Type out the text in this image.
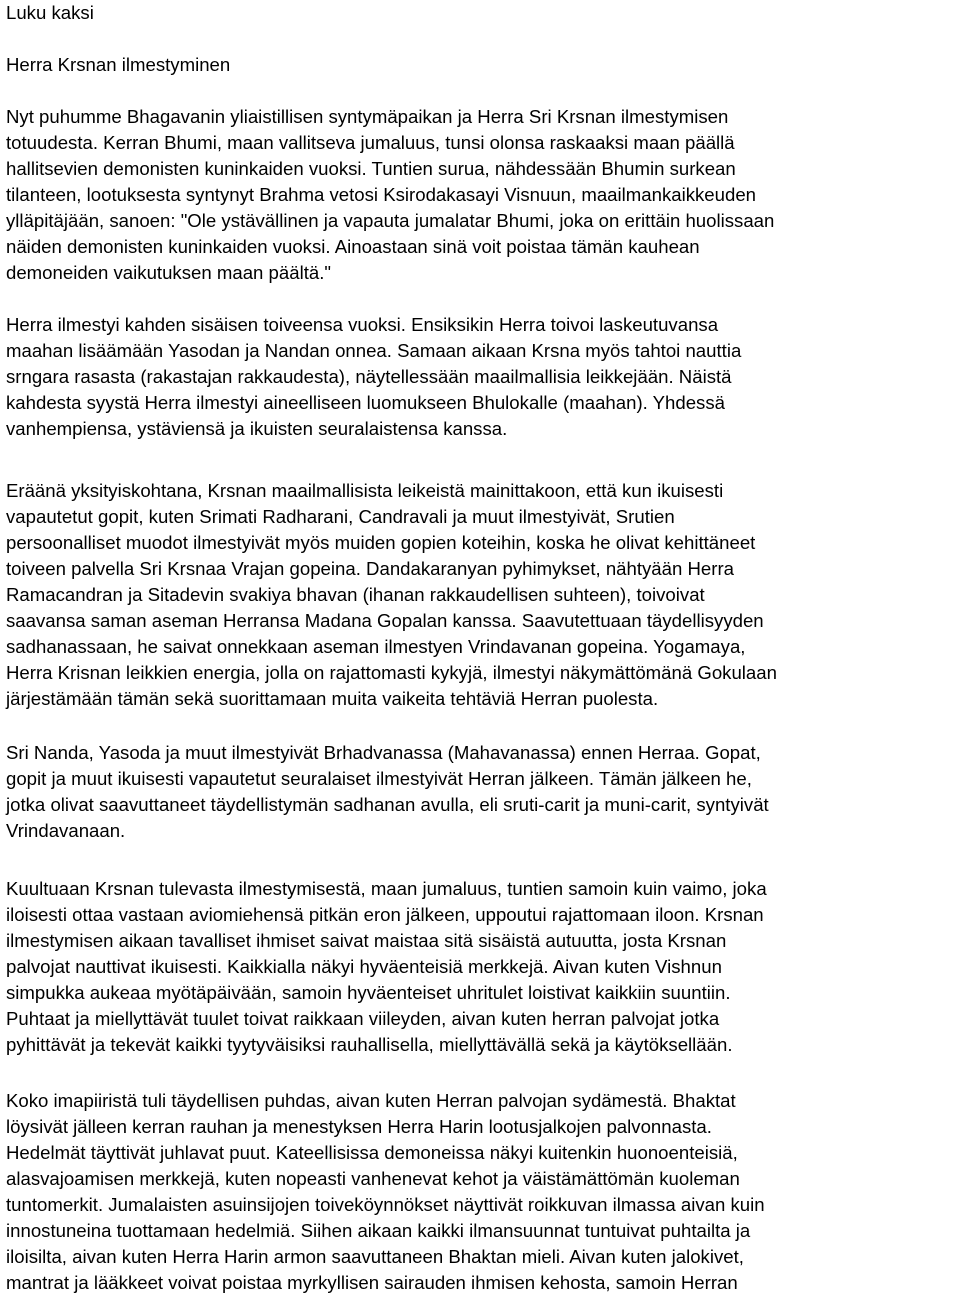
Luku kaksi
Herra Krsnan ilmestyminen
Nyt puhumme Bhagavanin yliaistillisen syntymäpaikan ja Herra Sri Krsnan ilmestymisen
totuudesta. Kerran Bhumi, maan vallitseva jumaluus, tunsi olonsa raskaaksi maan päällä
hallitsevien demonisten kuninkaiden vuoksi. Tuntien surua, nähdessään Bhumin surkean
tilanteen, lootuksesta syntynyt Brahma vetosi Ksirodakasayi Visnuun, maailmankaikkeuden
ylläpitäjään, sanoen: "Ole ystävällinen ja vapauta jumalatar Bhumi, joka on erittäin huolissaan
näiden demonisten kuninkaiden vuoksi. Ainoastaan sinä voit poistaa tämän kauhean
demoneiden vaikutuksen maan päältä."
Herra ilmestyi kahden sisäisen toiveensa vuoksi. Ensiksikin Herra toivoi laskeutuvansa
maahan lisäämään Yasodan ja Nandan onnea. Samaan aikaan Krsna myös tahtoi nauttia
srngara rasasta (rakastajan rakkaudesta), näytellessään maailmallisia leikkejään. Näistä
kahdesta syystä Herra ilmestyi aineelliseen luomukseen Bhulokalle (maahan). Yhdessä
vanhempiensa, ystäviensä ja ikuisten seuralaistensa kanssa.
Eräänä yksityiskohtana, Krsnan maailmallisista leikeistä mainittakoon, että kun ikuisesti
vapautetut gopit, kuten Srimati Radharani, Candravali ja muut ilmestyivät, Srutien
persoonalliset muodot ilmestyivät myös muiden gopien koteihin, koska he olivat kehittäneet
toiveen palvella Sri Krsnaa Vrajan gopeina. Dandakaranyan pyhimykset, nähtyään Herra
Ramacandran ja Sitadevin svakiya bhavan (ihanan rakkaudellisen suhteen), toivoivat
saavansa saman aseman Herransa Madana Gopalan kanssa. Saavutettuaan täydellisyyden
sadhanassaan, he saivat onnekkaan aseman ilmestyen Vrindavanan gopeina. Yogamaya,
Herra Krisnan leikkien energia, jolla on rajattomasti kykyjä, ilmestyi näkymättömänä Gokulaan
järjestämään tämän sekä suorittamaan muita vaikeita tehtäviä Herran puolesta.
Sri Nanda, Yasoda ja muut ilmestyivät Brhadvanassa (Mahavanassa) ennen Herraa. Gopat,
gopit ja muut ikuisesti vapautetut seuralaiset ilmestyivät Herran jälkeen. Tämän jälkeen he,
jotka olivat saavuttaneet täydellistymän sadhanan avulla, eli sruti-carit ja muni-carit, syntyivät
Vrindavanaan.
Kuultuaan Krsnan tulevasta ilmestymisestä, maan jumaluus, tuntien samoin kuin vaimo, joka
iloisesti ottaa vastaan aviomiehensä pitkän eron jälkeen, uppoutui rajattomaan iloon. Krsnan
ilmestymisen aikaan tavalliset ihmiset saivat maistaa sitä sisäistä autuutta, josta Krsnan
palvojat nauttivat ikuisesti. Kaikkialla näkyi hyväenteisiä merkkejä. Aivan kuten Vishnun
simpukka aukeaa myötäpäivään, samoin hyväenteiset uhritulet loistivat kaikkiin suuntiin.
Puhtaat ja miellyttävät tuulet toivat raikkaan viileyden, aivan kuten herran palvojat jotka
pyhittävät ja tekevät kaikki tyytyväisiksi rauhallisella, miellyttävällä sekä ja käytöksellään.
Koko imapiiristä tuli täydellisen puhdas, aivan kuten Herran palvojan sydämestä. Bhaktat
löysivät jälleen kerran rauhan ja menestyksen Herra Harin lootusjalkojen palvonnasta.
Hedelmät täyttivät juhlavat puut. Kateellisissa demoneissa näkyi kuitenkin huonoenteisiä,
alasvajoamisen merkkejä, kuten nopeasti vanhenevat kehot ja väistämättömän kuoleman
tuntomerkit. Jumalaisten asuinsijojen toiveköynnökset näyttivät roikkuvan ilmassa aivan kuin
innostuneina tuottamaan hedelmiä. Siihen aikaan kaikki ilmansuunnat tuntuivat puhtailta ja
iloisilta, aivan kuten Herra Harin armon saavuttaneen Bhaktan mieli. Aivan kuten jalokivet,
mantrat ja lääkkeet voivat poistaa myrkyllisen sairauden ihmisen kehosta, samoin Herran
